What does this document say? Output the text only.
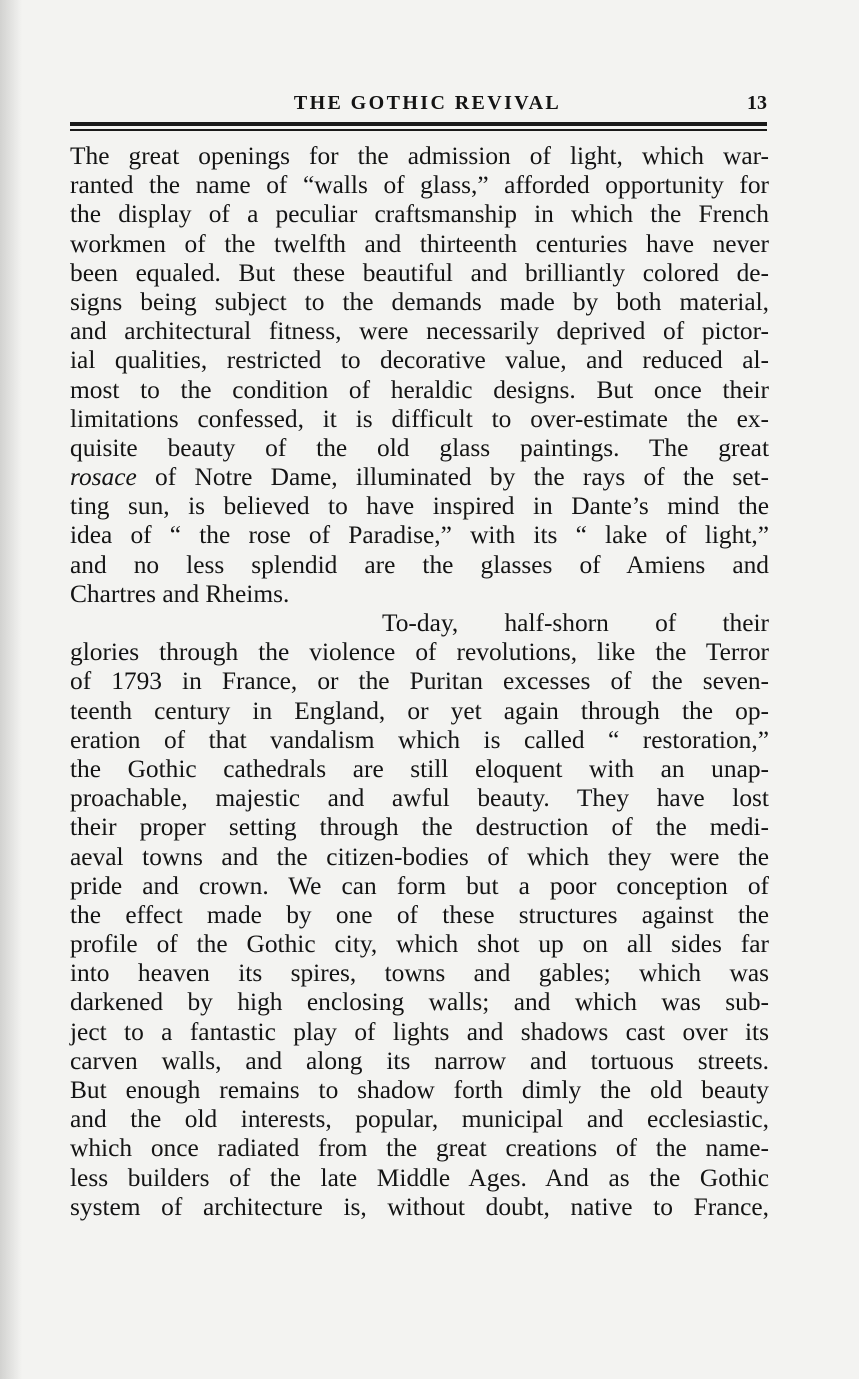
THE GOTHIC REVIVAL	13
The great openings for the admission of light, which war-
ranted the name of “walls of glass,” afforded opportunity for
the display of a peculiar craftsmanship in which the French
workmen of the twelfth and thirteenth centuries have never
been equaled. But these beautiful and brilliantly colored de-
signs being subject to the demands made by both material,
and architectural fitness, were necessarily deprived of pictor-
ial qualities, restricted to decorative value, and reduced al-
most to the condition of heraldic designs. But once their
limitations confessed, it is difficult to over-estimate the ex-
quisite beauty of the old glass paintings. The great
rosace of Notre Dame, illuminated by the rays of the set-
ting sun, is believed to have inspired in Dante’s mind the
idea of “ the rose of Paradise,” with its “ lake of light,”
and no less splendid are the glasses of Amiens and
Chartres and Rheims.
To-day, half-shorn of their
glories through the violence of revolutions, like the Terror
of 1793 in France, or the Puritan excesses of the seven-
teenth century in England, or yet again through the op-
eration of that vandalism which is called “ restoration,”
the Gothic cathedrals are still eloquent with an unap-
proachable, majestic and awful beauty. They have lost
their proper setting through the destruction of the medi-
aeval towns and the citizen-bodies of which they were the
pride and crown. We can form but a poor conception of
the effect made by one of these structures against the
profile of the Gothic city, which shot up on all sides far
into heaven its spires, towns and gables; which was
darkened by high enclosing walls; and which was sub-
ject to a fantastic play of lights and shadows cast over its
carven walls, and along its narrow and tortuous streets.
But enough remains to shadow forth dimly the old beauty
and the old interests, popular, municipal and ecclesiastic,
which once radiated from the great creations of the name-
less builders of the late Middle Ages. And as the Gothic
system of architecture is, without doubt, native to France,
